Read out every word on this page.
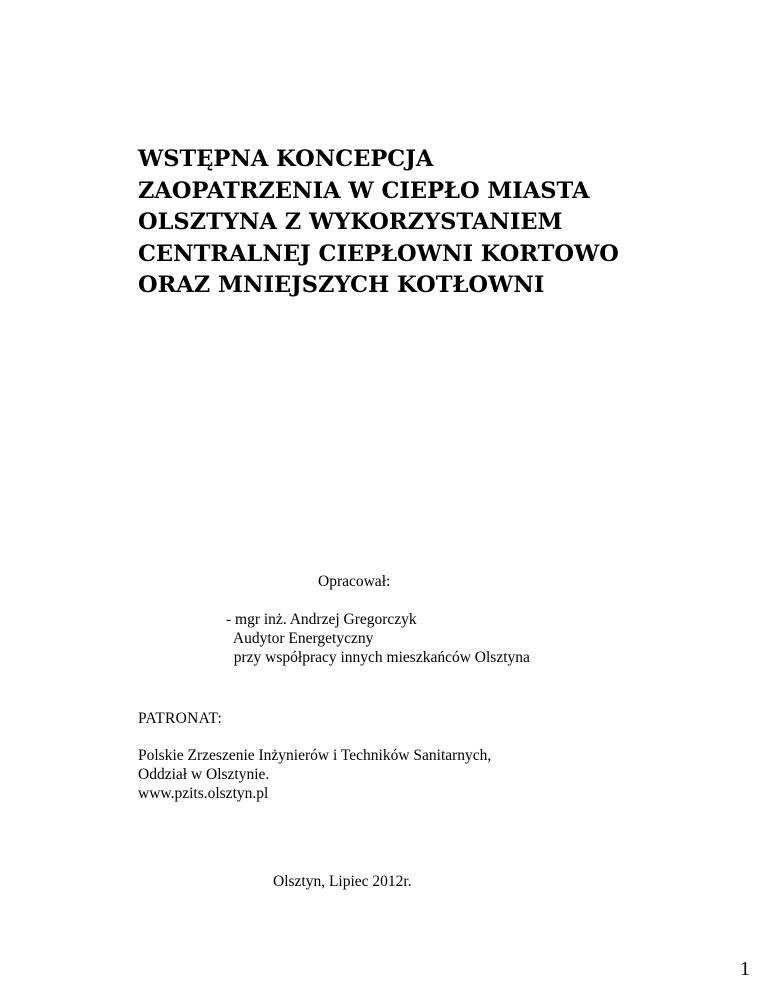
WSTĘPNA KONCEPCJA
ZAOPATRZENIA W CIEPŁO MIASTA
OLSZTYNA Z WYKORZYSTANIEM
CENTRALNEJ CIEPŁOWNI KORTOWO
ORAZ MNIEJSZYCH KOTŁOWNI

Opracował:

- mgr inż. Andrzej Gregorczyk
Audytor Energetyczny
przy współpracy innych mieszkańców Olsztyna

PATRONAT:

Polskie Zrzeszenie Inżynierów i Techników Sanitarnych,
Oddział w Olsztynie.
www.pzits.olsztyn.pl

Olsztyn, Lipiec 2012r.

1
